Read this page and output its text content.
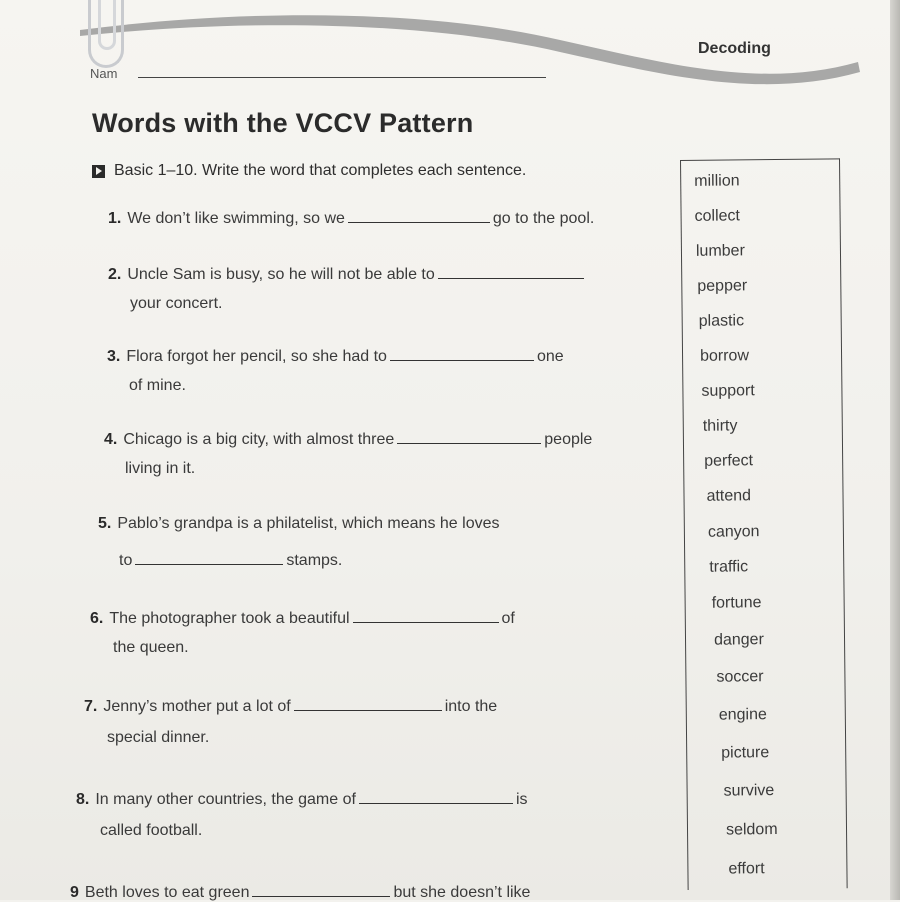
Decoding
Nam
Words with the VCCV Pattern
Basic 1–10. Write the word that completes each sentence.
1. We don’t like swimming, so we	go to the pool.
2. Uncle Sam is busy, so he will not be able to
your concert.
3. Flora forgot her pencil, so she had to	one
of mine.
4. Chicago is a big city, with almost three	people
living in it.
5. Pablo’s grandpa is a philatelist, which means he loves
to	stamps.
6. The photographer took a beautiful	of
the queen.
7. Jenny’s mother put a lot of	into the
special dinner.
8. In many other countries, the game of	is
called football.
9 Beth loves to eat green	but she doesn’t like
million
collect
lumber
pepper
plastic
borrow
support
thirty
perfect
attend
canyon
traffic
fortune
danger
soccer
engine
picture
survive
seldom
effort
